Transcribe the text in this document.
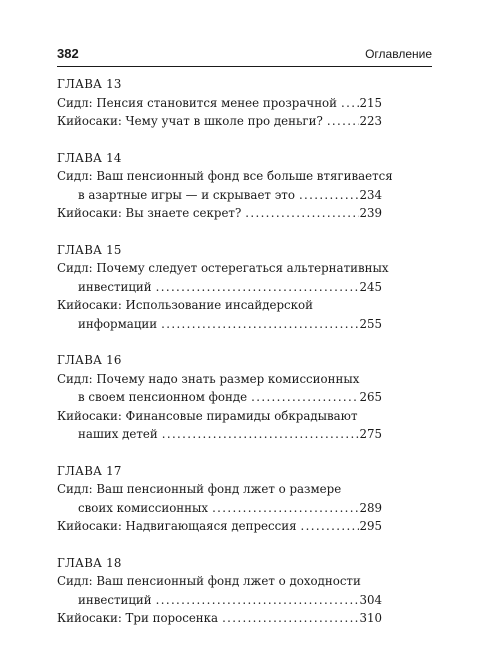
382	Оглавление
ГЛАВА 13
Сидл: Пенсия становится менее прозрачной . . . 215
Кийосаки: Чему учат в школе про деньги? . . .	223
ГЛАВА 14
Сидл: Ваш пенсионный фонд все больше втягивается
в азартные игры — и скрывает это . . .	234
Кийосаки: Вы знаете секрет? . . .	239
ГЛАВА 15
Сидл: Почему следует остерегаться альтернативных
инвестиций . . .	245
Кийосаки: Использование инсайдерской
информации . . .	255
ГЛАВА 16
Сидл: Почему надо знать размер комиссионных
в своем пенсионном фонде . . .	265
Кийосаки: Финансовые пирамиды обкрадывают
наших детей . . .	275
ГЛАВА 17
Сидл: Ваш пенсионный фонд лжет о размере
своих комиссионных . . .	289
Кийосаки: Надвигающаяся депрессия . . .	295
ГЛАВА 18
Сидл: Ваш пенсионный фонд лжет о доходности
инвестиций . . .	304
Кийосаки: Три поросенка . . .	310
